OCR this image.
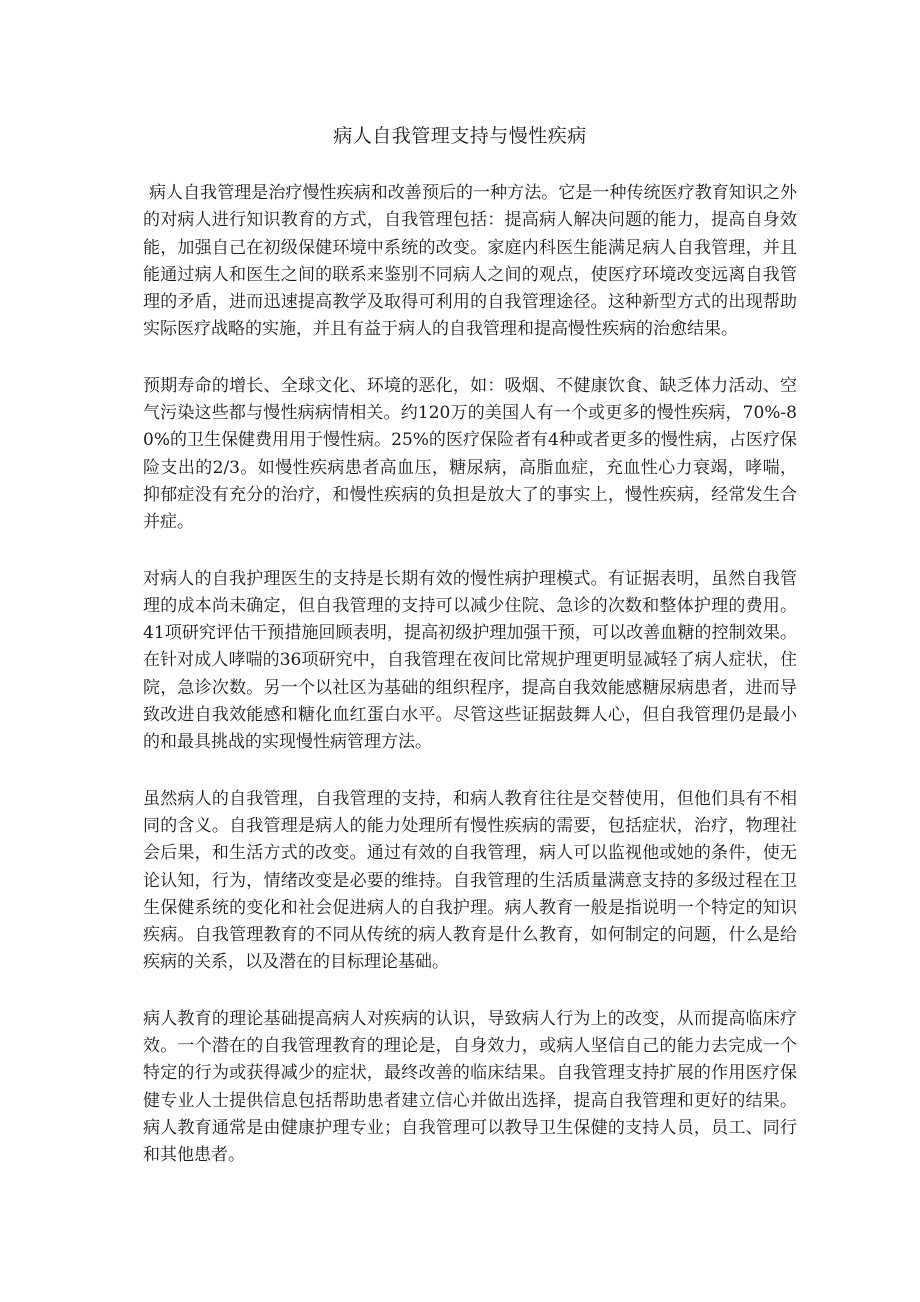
病人自我管理支持与慢性疾病

病人自我管理是治疗慢性疾病和改善预后的一种方法。它是一种传统医疗教育知识之外的对病人进行知识教育的方式，自我管理包括：提高病人解决问题的能力，提高自身效能，加强自己在初级保健环境中系统的改变。家庭内科医生能满足病人自我管理，并且能通过病人和医生之间的联系来鉴别不同病人之间的观点，使医疗环境改变远离自我管理的矛盾，进而迅速提高教学及取得可利用的自我管理途径。这种新型方式的出现帮助实际医疗战略的实施，并且有益于病人的自我管理和提高慢性疾病的治愈结果。

预期寿命的增长、全球文化、环境的恶化，如：吸烟、不健康饮食、缺乏体力活动、空气污染这些都与慢性病病情相关。约120万的美国人有一个或更多的慢性疾病，70%-80%的卫生保健费用用于慢性病。25%的医疗保险者有4种或者更多的慢性病，占医疗保险支出的2/3。如慢性疾病患者高血压，糖尿病，高脂血症，充血性心力衰竭，哮喘，抑郁症没有充分的治疗，和慢性疾病的负担是放大了的事实上，慢性疾病，经常发生合并症。

对病人的自我护理医生的支持是长期有效的慢性病护理模式。有证据表明，虽然自我管理的成本尚未确定，但自我管理的支持可以减少住院、急诊的次数和整体护理的费用。41项研究评估干预措施回顾表明，提高初级护理加强干预，可以改善血糖的控制效果。在针对成人哮喘的36项研究中，自我管理在夜间比常规护理更明显减轻了病人症状，住院，急诊次数。另一个以社区为基础的组织程序，提高自我效能感糖尿病患者，进而导致改进自我效能感和糖化血红蛋白水平。尽管这些证据鼓舞人心，但自我管理仍是最小的和最具挑战的实现慢性病管理方法。

虽然病人的自我管理，自我管理的支持，和病人教育往往是交替使用，但他们具有不相同的含义。自我管理是病人的能力处理所有慢性疾病的需要，包括症状，治疗，物理社会后果，和生活方式的改变。通过有效的自我管理，病人可以监视他或她的条件，使无论认知，行为，情绪改变是必要的维持。自我管理的生活质量满意支持的多级过程在卫生保健系统的变化和社会促进病人的自我护理。病人教育一般是指说明一个特定的知识疾病。自我管理教育的不同从传统的病人教育是什么教育，如何制定的问题，什么是给疾病的关系，以及潜在的目标理论基础。

病人教育的理论基础提高病人对疾病的认识，导致病人行为上的改变，从而提高临床疗效。一个潜在的自我管理教育的理论是，自身效力，或病人坚信自己的能力去完成一个特定的行为或获得减少的症状，最终改善的临床结果。自我管理支持扩展的作用医疗保健专业人士提供信息包括帮助患者建立信心并做出选择，提高自我管理和更好的结果。病人教育通常是由健康护理专业；自我管理可以教导卫生保健的支持人员，员工、同行和其他患者。
